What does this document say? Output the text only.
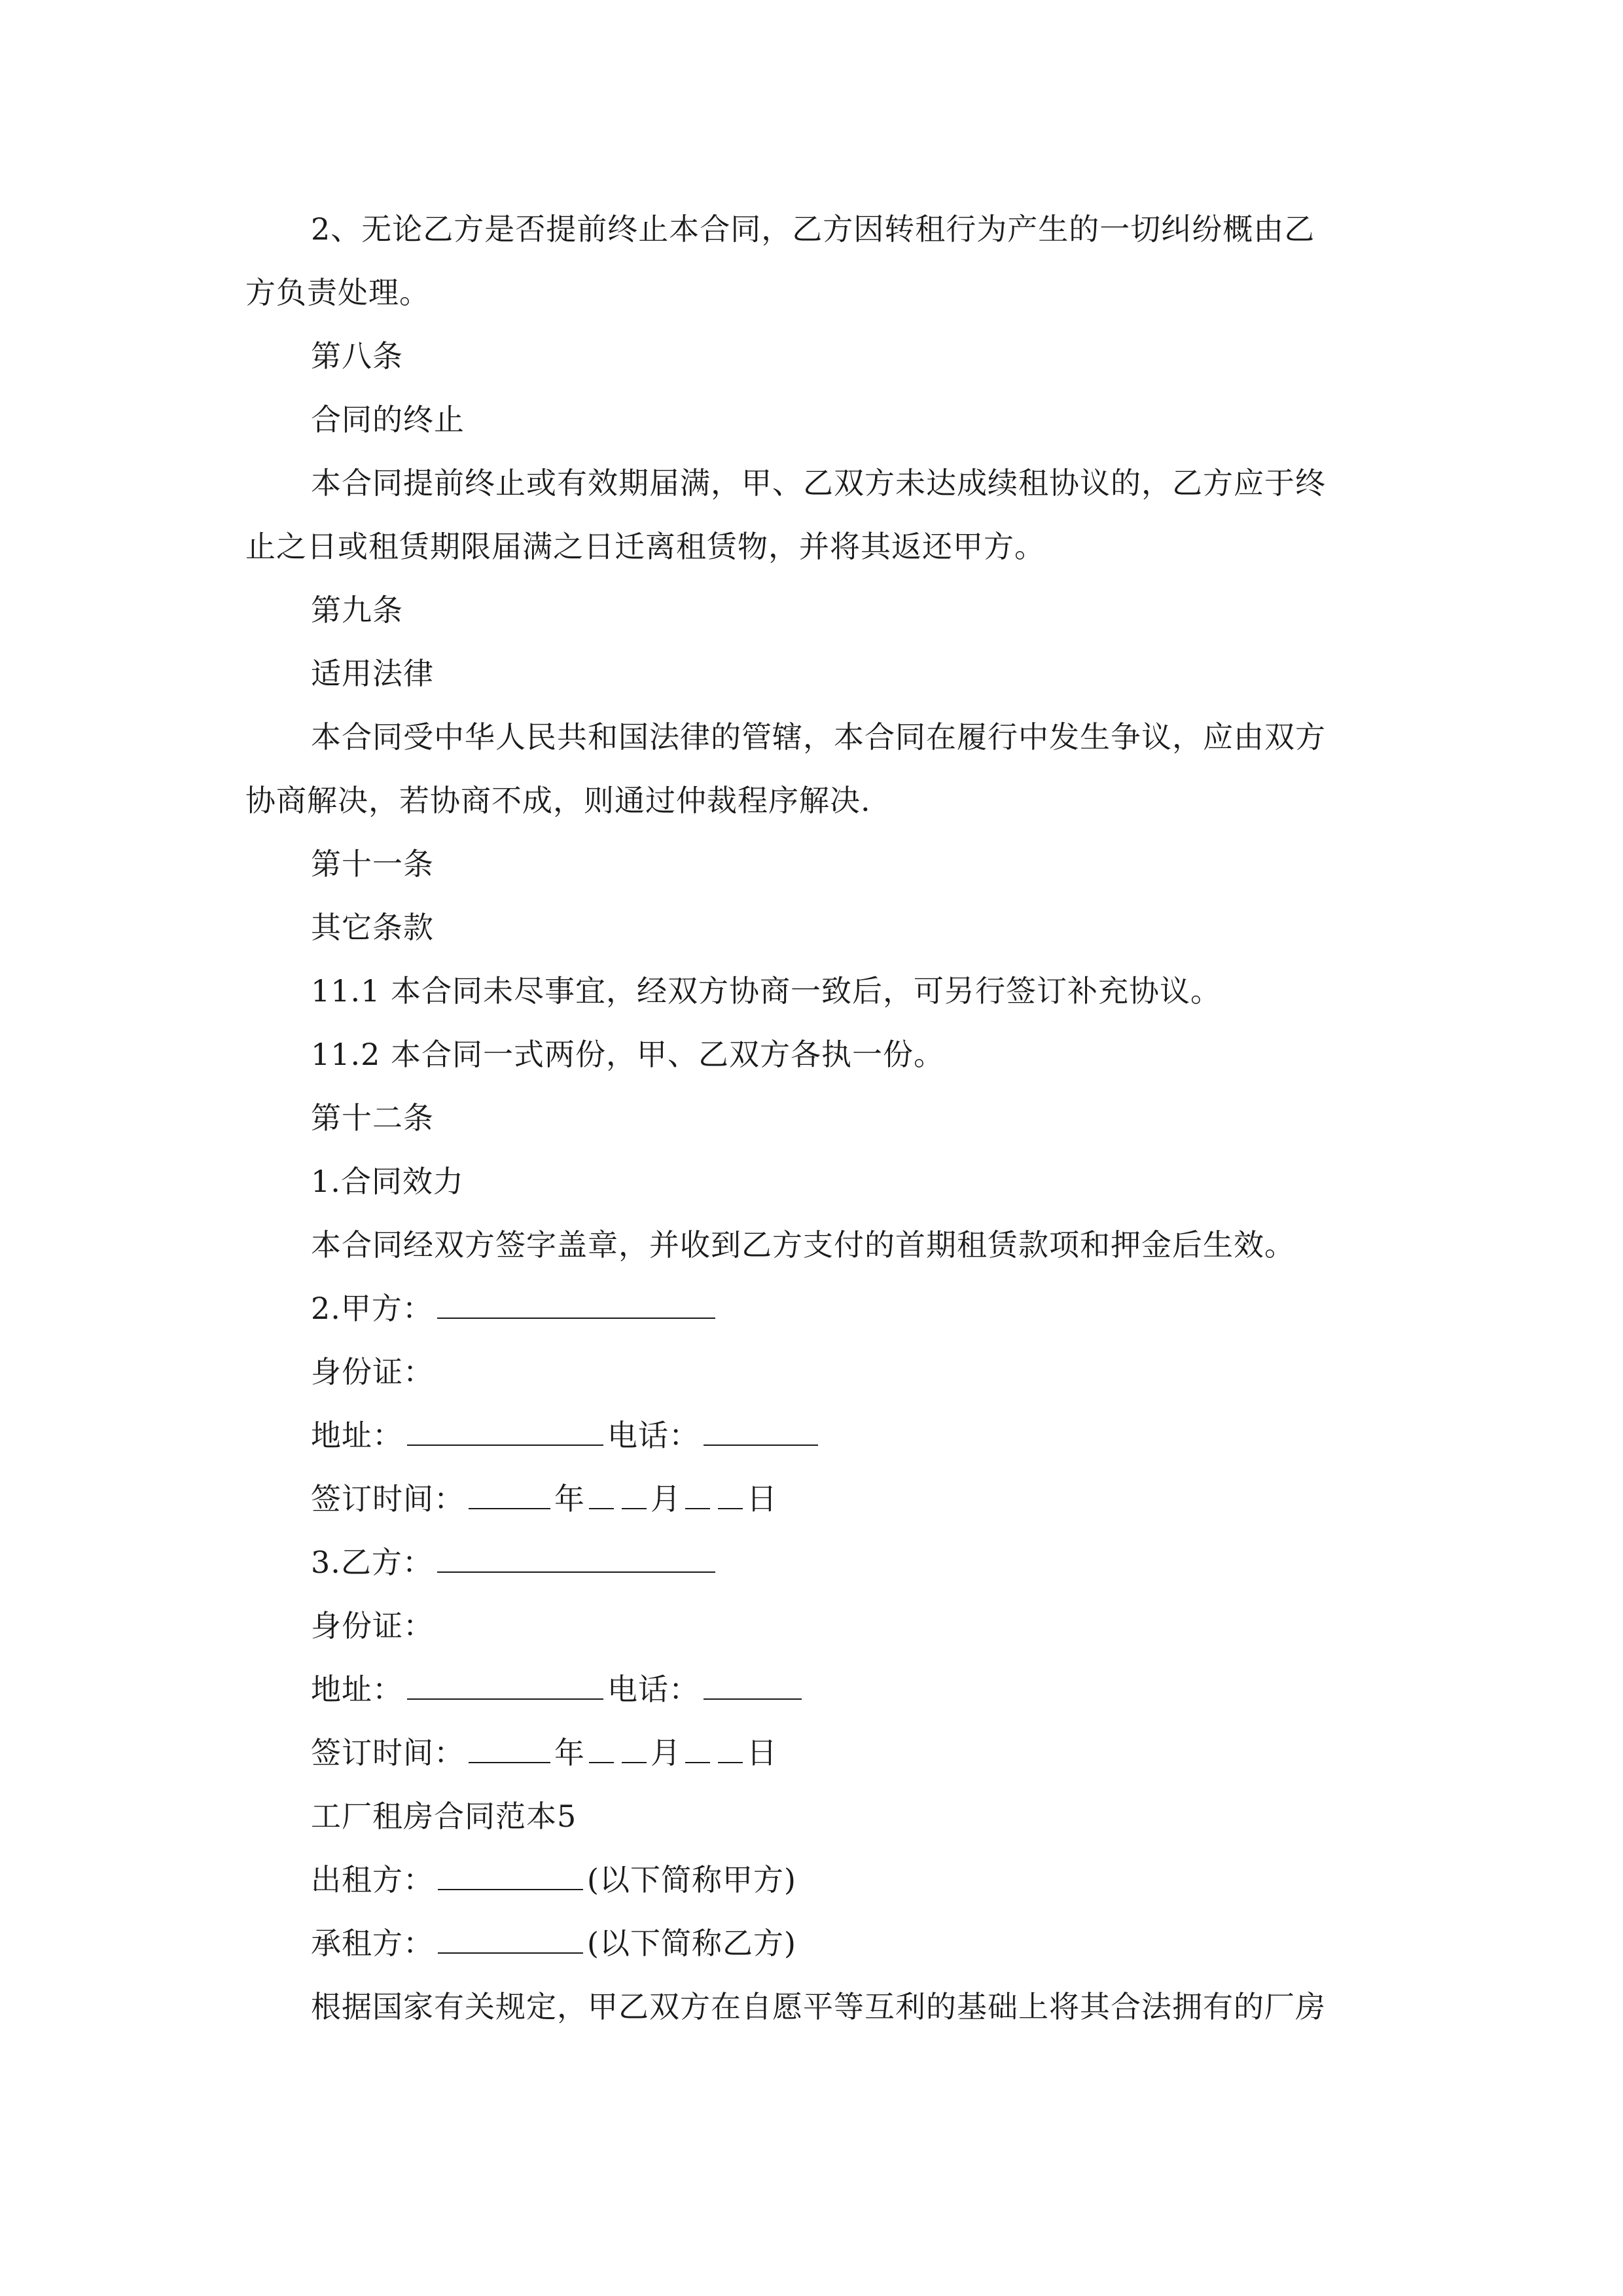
2、无论乙方是否提前终止本合同，乙方因转租行为产生的一切纠纷概由乙
方负责处理。
第八条
合同的终止
本合同提前终止或有效期届满，甲、乙双方未达成续租协议的，乙方应于终
止之日或租赁期限届满之日迁离租赁物，并将其返还甲方。
第九条
适用法律
本合同受中华人民共和国法律的管辖，本合同在履行中发生争议，应由双方
协商解决，若协商不成，则通过仲裁程序解决.
第十一条
其它条款
11.1 本合同未尽事宜，经双方协商一致后，可另行签订补充协议。
11.2 本合同一式两份，甲、乙双方各执一份。
第十二条
1.合同效力
本合同经双方签字盖章，并收到乙方支付的首期租赁款项和押金后生效。
2.甲方：
身份证：
地址：	电话：
签订时间：	年 月 日
3.乙方：
身份证：
地址：	电话：
签订时间：	年 月 日
工厂租房合同范本5
出租方：	(以下简称甲方)
承租方：	(以下简称乙方)
根据国家有关规定，甲乙双方在自愿平等互利的基础上将其合法拥有的厂房
